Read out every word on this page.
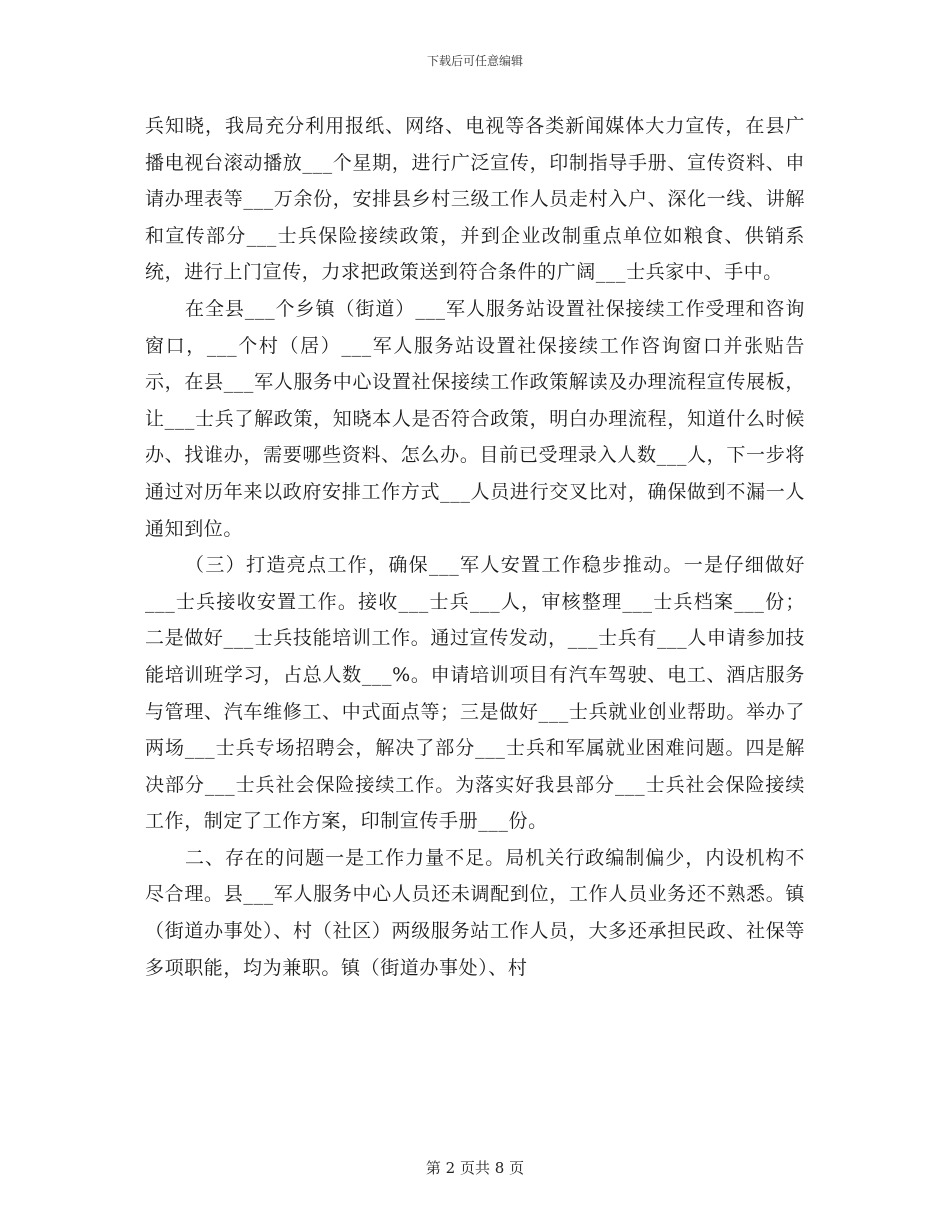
下载后可任意编辑

兵知晓，我局充分利用报纸、网络、电视等各类新闻媒体大力宣传，在县广播电视台滚动播放___个星期，进行广泛宣传，印制指导手册、宣传资料、申请办理表等___万余份，安排县乡村三级工作人员走村入户、深化一线、讲解和宣传部分___士兵保险接续政策，并到企业改制重点单位如粮食、供销系统，进行上门宣传，力求把政策送到符合条件的广阔___士兵家中、手中。

在全县___个乡镇（街道）___军人服务站设置社保接续工作受理和咨询窗口，___个村（居）___军人服务站设置社保接续工作咨询窗口并张贴告示，在县___军人服务中心设置社保接续工作政策解读及办理流程宣传展板，让___士兵了解政策，知晓本人是否符合政策，明白办理流程，知道什么时候办、找谁办，需要哪些资料、怎么办。目前已受理录入人数___人，下一步将通过对历年来以政府安排工作方式___人员进行交叉比对，确保做到不漏一人通知到位。

（三）打造亮点工作，确保___军人安置工作稳步推动。一是仔细做好___士兵接收安置工作。接收___士兵___人，审核整理___士兵档案___份；二是做好___士兵技能培训工作。通过宣传发动，___士兵有___人申请参加技能培训班学习，占总人数___%。申请培训项目有汽车驾驶、电工、酒店服务与管理、汽车维修工、中式面点等；三是做好___士兵就业创业帮助。举办了两场___士兵专场招聘会，解决了部分___士兵和军属就业困难问题。四是解决部分___士兵社会保险接续工作。为落实好我县部分___士兵社会保险接续工作，制定了工作方案，印制宣传手册___份。

二、存在的问题一是工作力量不足。局机关行政编制偏少，内设机构不尽合理。县___军人服务中心人员还未调配到位，工作人员业务还不熟悉。镇（街道办事处）、村（社区）两级服务站工作人员，大多还承担民政、社保等多项职能，均为兼职。镇（街道办事处）、村

第 2 页共 8 页
